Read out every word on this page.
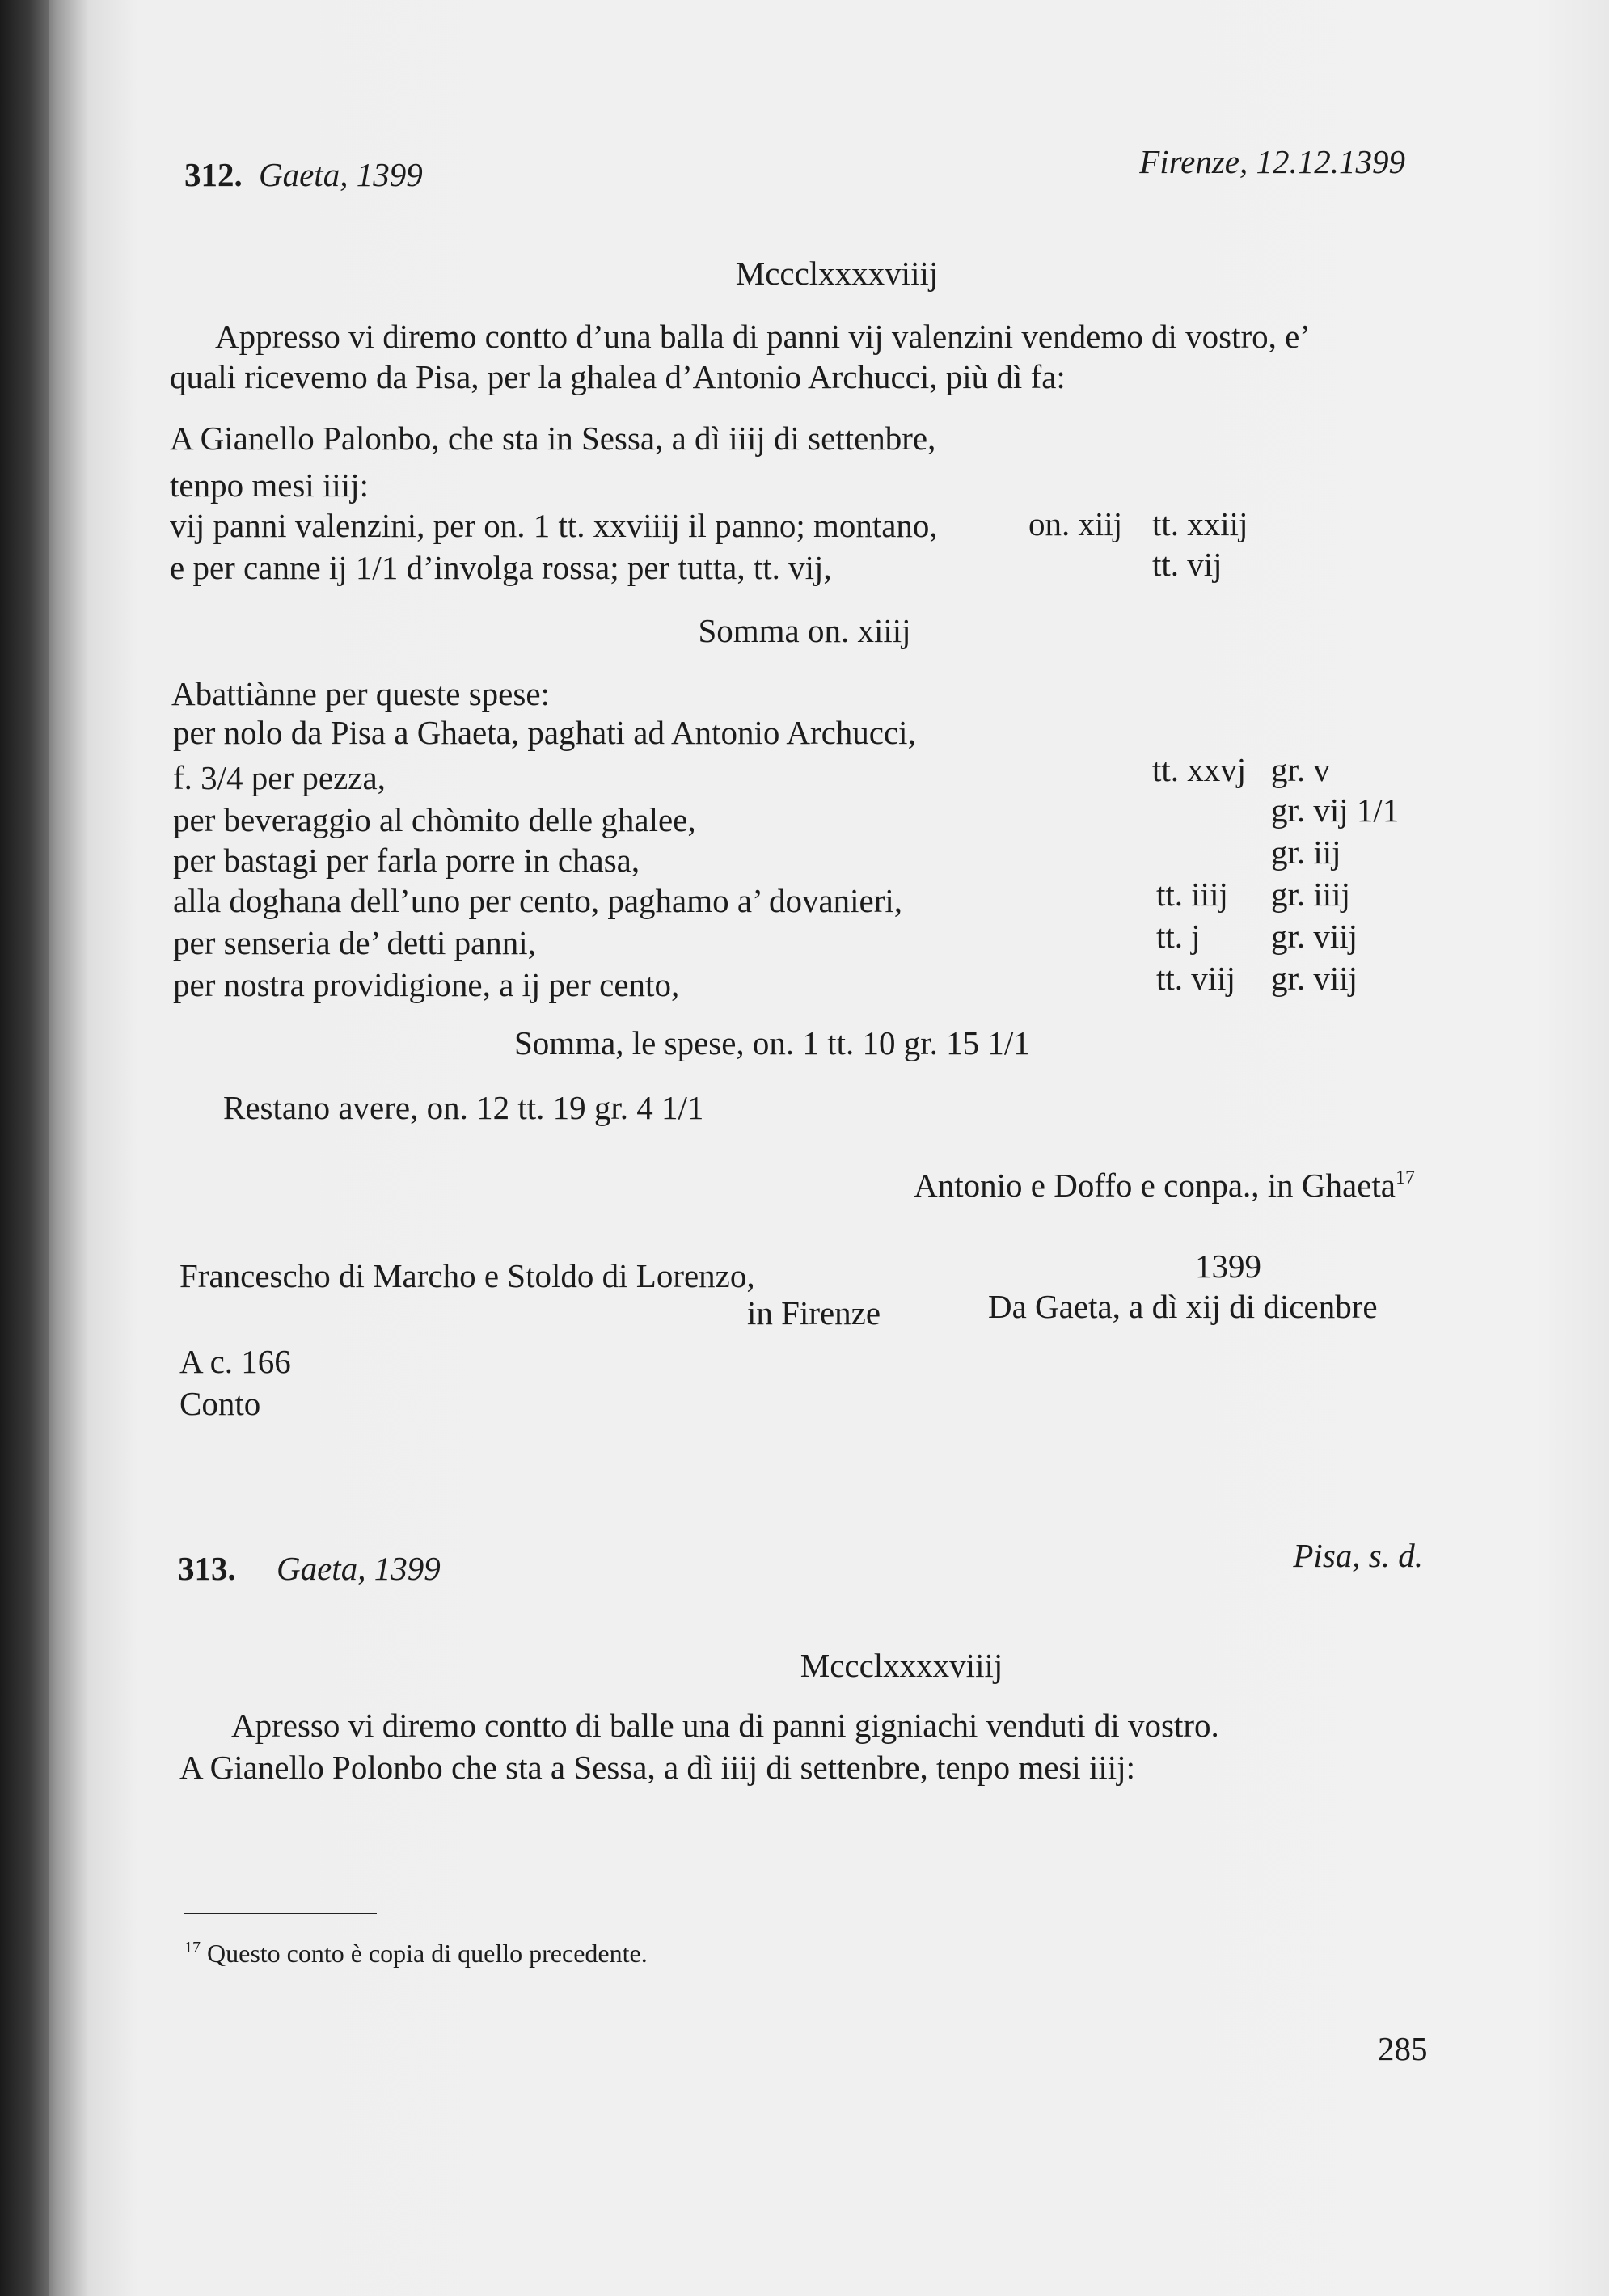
312. Gaeta, 1399	Firenze, 12.12.1399
Mccclxxxxviiij
Appresso vi diremo contto d’una balla di panni vij valenzini vendemo di vostro, e’
quali ricevemo da Pisa, per la ghalea d’Antonio Archucci, più dì fa:
A Gianello Palonbo, che sta in Sessa, a dì iiij di settenbre,
tenpo mesi iiij:
vij panni valenzini, per on. 1 tt. xxviiij il panno; montano,	on. xiij tt. xxiij
e per canne ij 1/1 d’involga rossa; per tutta, tt. vij,	tt. vij
Somma on. xiiij
Abattiànne per queste spese:
per nolo da Pisa a Ghaeta, paghati ad Antonio Archucci,
f. 3/4 per pezza,	tt. xxvj gr. v
per beveraggio al chòmito delle ghalee,	gr. vij 1/1
per bastagi per farla porre in chasa,	gr. iij
alla doghana dell’uno per cento, paghamo a’ dovanieri,	tt. iiij gr. iiij
per senseria de’ detti panni,	tt. j gr. viij
per nostra providigione, a ij per cento,	tt. viij gr. viij
Somma, le spese, on. 1 tt. 10 gr. 15 1/1
Restano avere, on. 12 tt. 19 gr. 4 1/1
Antonio e Doffo e conpa., in Ghaeta$^{17}$
Franceschо di Marcho e Stoldo di Lorenzo,
in Firenze
1399
Da Gaeta, a dì xij di dicenbre
A c. 166
Conto
313. Gaeta, 1399	Pisa, s. d.
Mccclxxxxviiij
Apresso vi diremo contto di balle una di panni gigniachi venduti di vostro.
A Gianello Polonbo che sta a Sessa, a dì iiij di settenbre, tenpo mesi iiij:
$^{17}$ Questo conto è copia di quello precedente.
285
